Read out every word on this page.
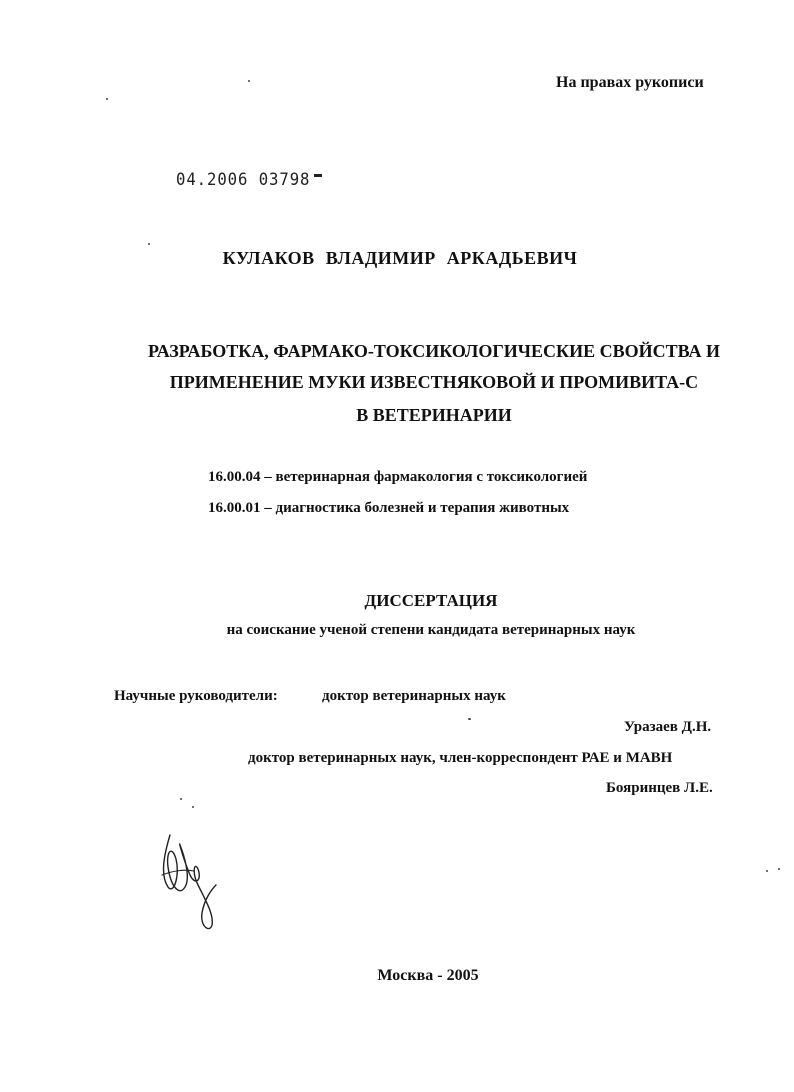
На правах рукописи
04.2006 03798
КУЛАКОВ ВЛАДИМИР АРКАДЬЕВИЧ
РАЗРАБОТКА, ФАРМАКО-ТОКСИКОЛОГИЧЕСКИЕ СВОЙСТВА И
ПРИМЕНЕНИЕ МУКИ ИЗВЕСТНЯКОВОЙ И ПРОМИВИТА-С
В ВЕТЕРИНАРИИ
16.00.04 – ветеринарная фармакология с токсикологией
16.00.01 – диагностика болезней и терапия животных
ДИССЕРТАЦИЯ
на соискание ученой степени кандидата ветеринарных наук
Научные руководители:	доктор ветеринарных наук
Уразаев Д.Н.
доктор ветеринарных наук, член-корреспондент РАЕ и МАВН
Бояринцев Л.Е.
Москва - 2005
